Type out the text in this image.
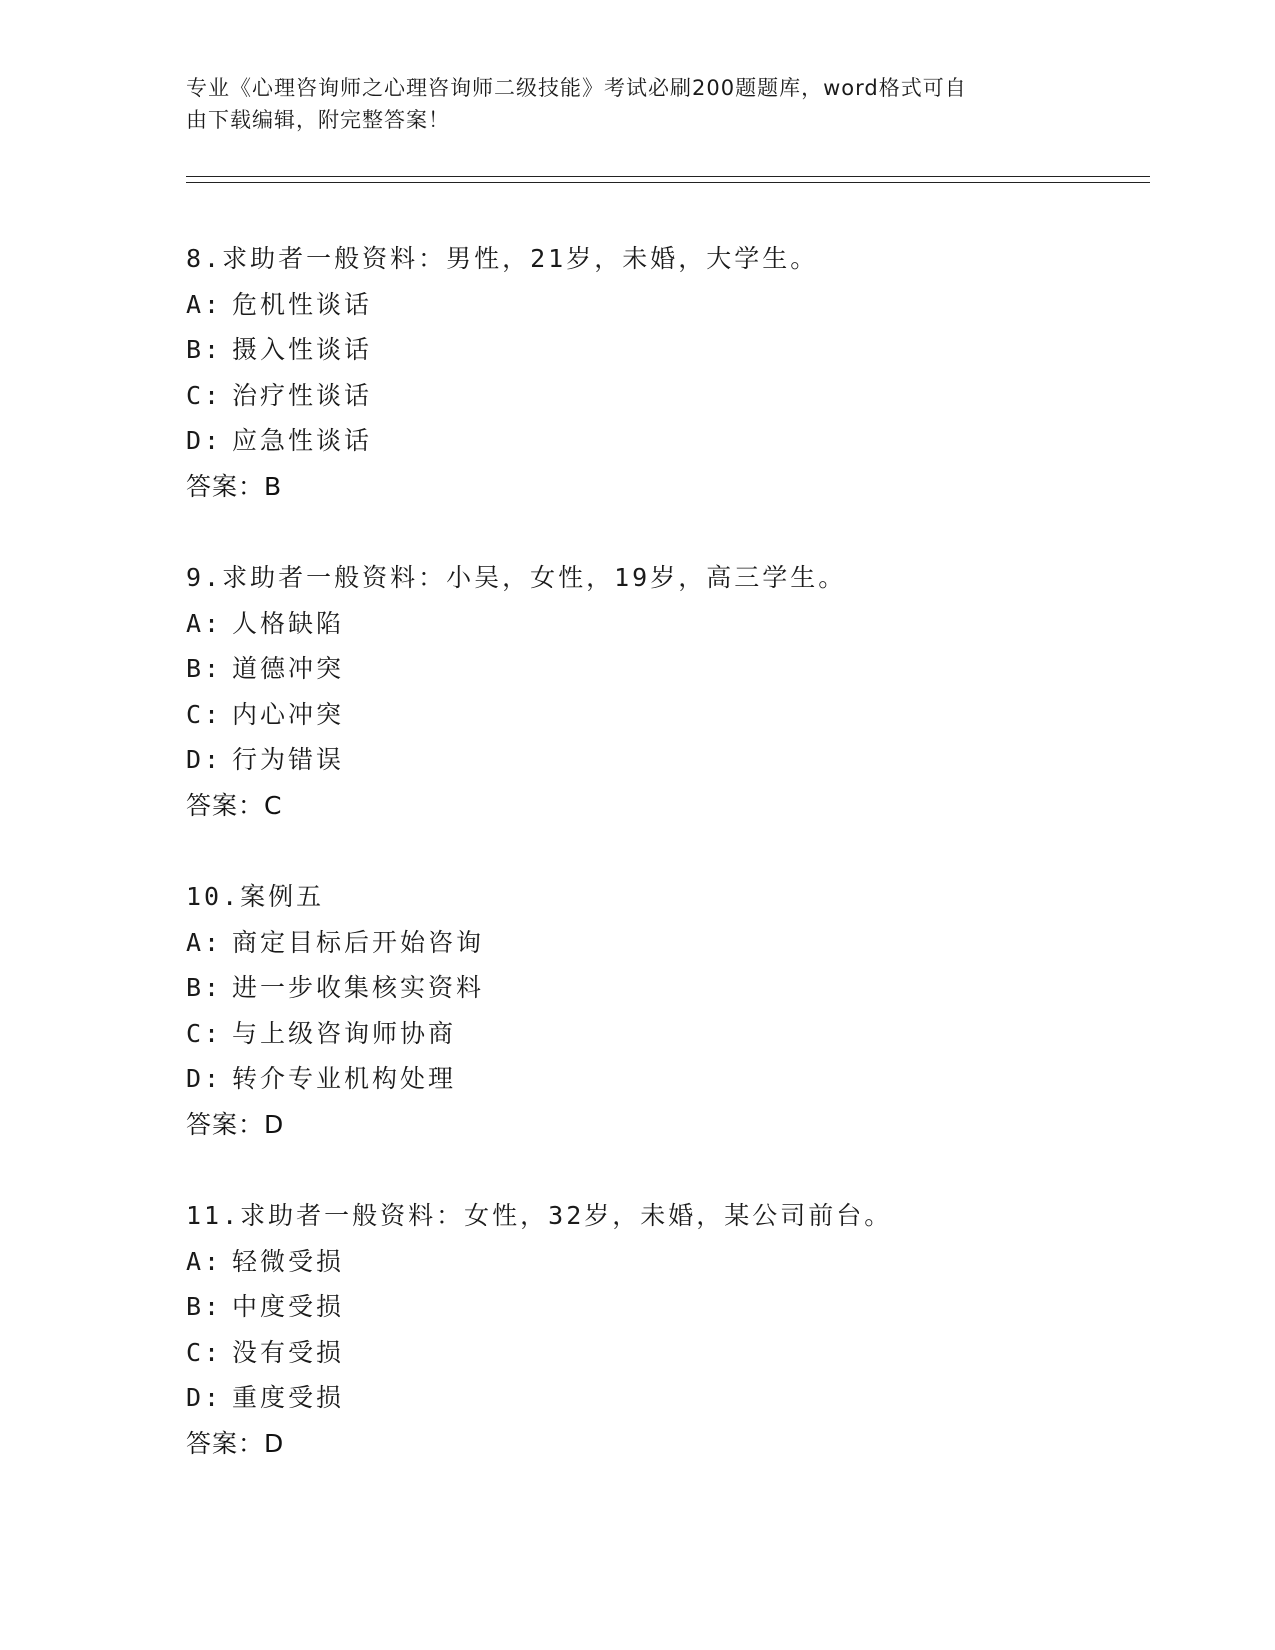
专业《心理咨询师之心理咨询师二级技能》考试必刷200题题库，word格式可自
由下载编辑，附完整答案！
8.求助者一般资料：男性，21岁，未婚，大学生。
A: 危机性谈话
B: 摄入性谈话
C: 治疗性谈话
D: 应急性谈话
答案：B
9.求助者一般资料：小吴，女性，19岁，高三学生。
A: 人格缺陷
B: 道德冲突
C: 内心冲突
D: 行为错误
答案：C
10.案例五
A: 商定目标后开始咨询
B: 进一步收集核实资料
C: 与上级咨询师协商
D: 转介专业机构处理
答案：D
11.求助者一般资料：女性，32岁，未婚，某公司前台。
A: 轻微受损
B: 中度受损
C: 没有受损
D: 重度受损
答案：D
